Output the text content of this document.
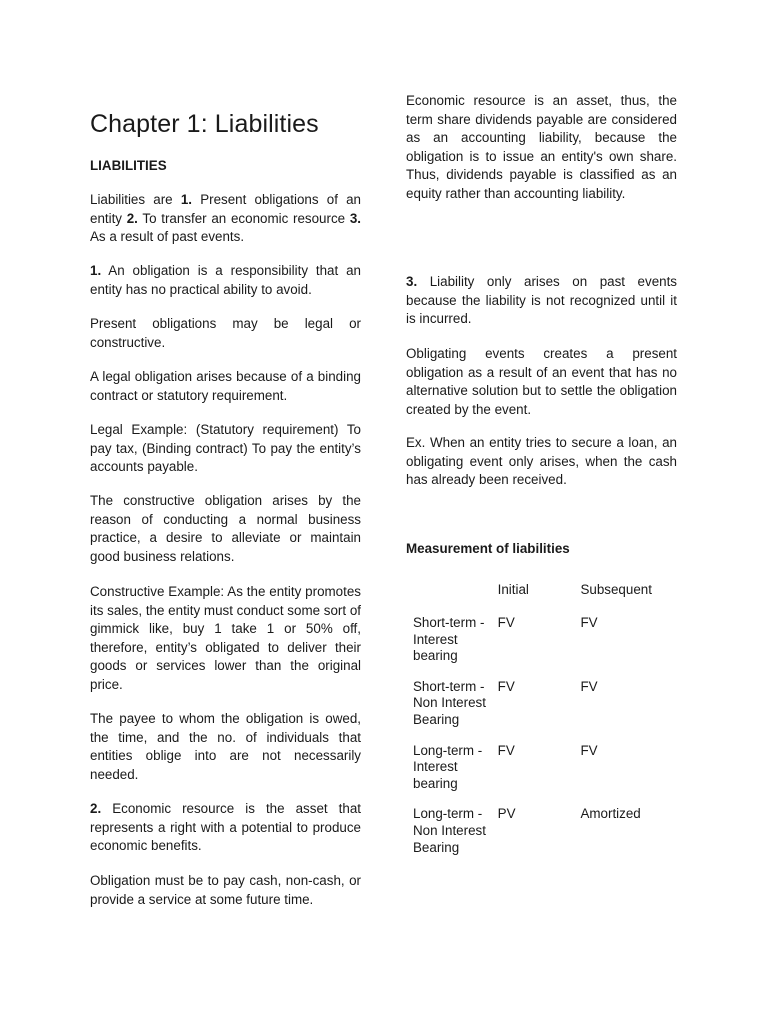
Chapter 1: Liabilities

LIABILITIES

Liabilities are 1. Present obligations of an entity 2. To transfer an economic resource 3. As a result of past events.

1. An obligation is a responsibility that an entity has no practical ability to avoid.

Present obligations may be legal or constructive.

A legal obligation arises because of a binding contract or statutory requirement.

Legal Example: (Statutory requirement) To pay tax, (Binding contract) To pay the entity’s accounts payable.

The constructive obligation arises by the reason of conducting a normal business practice, a desire to alleviate or maintain good business relations.

Constructive Example: As the entity promotes its sales, the entity must conduct some sort of gimmick like, buy 1 take 1 or 50% off, therefore, entity’s obligated to deliver their goods or services lower than the original price.

The payee to whom the obligation is owed, the time, and the no. of individuals that entities oblige into are not necessarily needed.

2. Economic resource is the asset that represents a right with a potential to produce economic benefits.

Obligation must be to pay cash, non-cash, or provide a service at some future time.

Economic resource is an asset, thus, the term share dividends payable are considered as an accounting liability, because the obligation is to issue an entity's own share. Thus, dividends payable is classified as an equity rather than accounting liability.

3. Liability only arises on past events because the liability is not recognized until it is incurred.

Obligating events creates a present obligation as a result of an event that has no alternative solution but to settle the obligation created by the event.

Ex. When an entity tries to secure a loan, an obligating event only arises, when the cash has already been received.

Measurement of liabilities

	Initial	Subsequent
Short-term -
Interest
bearing	FV	FV
Short-term -
Non Interest
Bearing	FV	FV
Long-term -
Interest
bearing	FV	FV
Long-term -
Non Interest
Bearing	PV	Amortized
